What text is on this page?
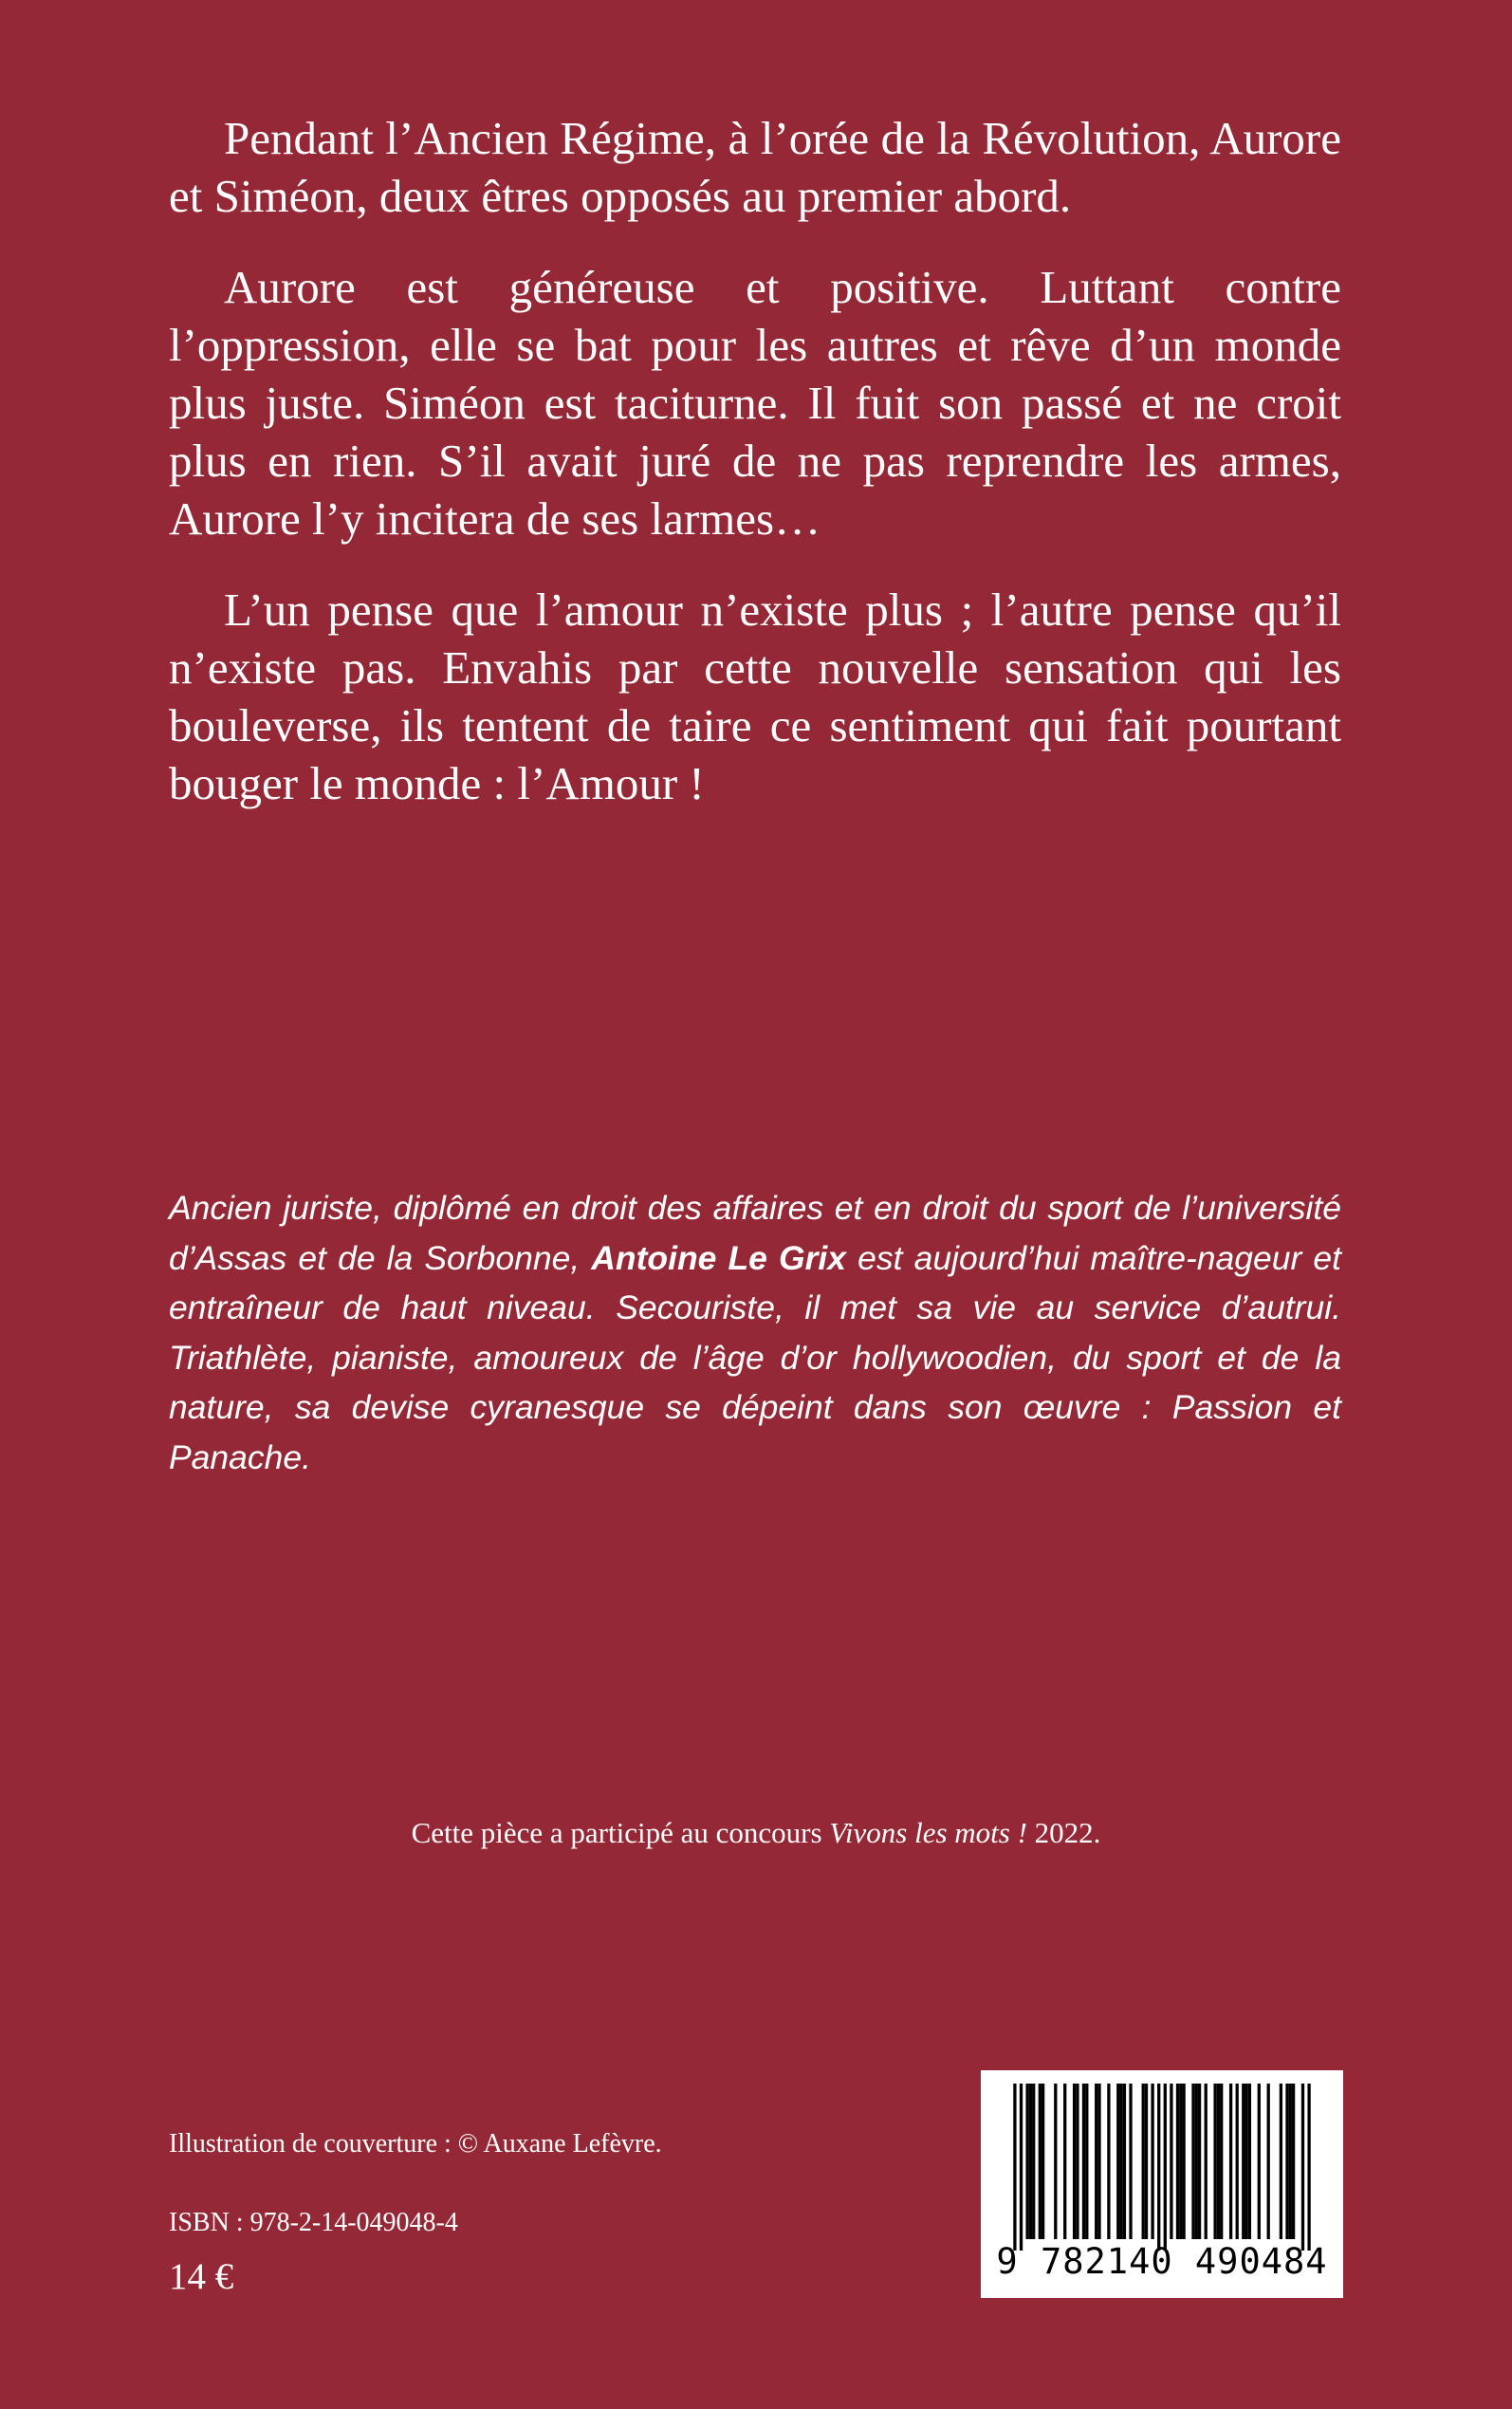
Pendant l’Ancien Régime, à l’orée de la Révolution, Aurore et Siméon, deux êtres opposés au premier abord.

Aurore est généreuse et positive. Luttant contre l’oppression, elle se bat pour les autres et rêve d’un monde plus juste. Siméon est taciturne. Il fuit son passé et ne croit plus en rien. S’il avait juré de ne pas reprendre les armes, Aurore l’y incitera de ses larmes…

L’un pense que l’amour n’existe plus ; l’autre pense qu’il n’existe pas. Envahis par cette nouvelle sensation qui les bouleverse, ils tentent de taire ce sentiment qui fait pourtant bouger le monde : l’Amour !

Ancien juriste, diplômé en droit des affaires et en droit du sport de l’université d’Assas et de la Sorbonne, Antoine Le Grix est aujourd’hui maître-nageur et entraîneur de haut niveau. Secouriste, il met sa vie au service d’autrui. Triathlète, pianiste, amoureux de l’âge d’or hollywoodien, du sport et de la nature, sa devise cyranesque se dépeint dans son œuvre : Passion et Panache.

Cette pièce a participé au concours Vivons les mots ! 2022.

Illustration de couverture : © Auxane Lefèvre.

ISBN : 978-2-14-049048-4

14 €	9 782140 490484
